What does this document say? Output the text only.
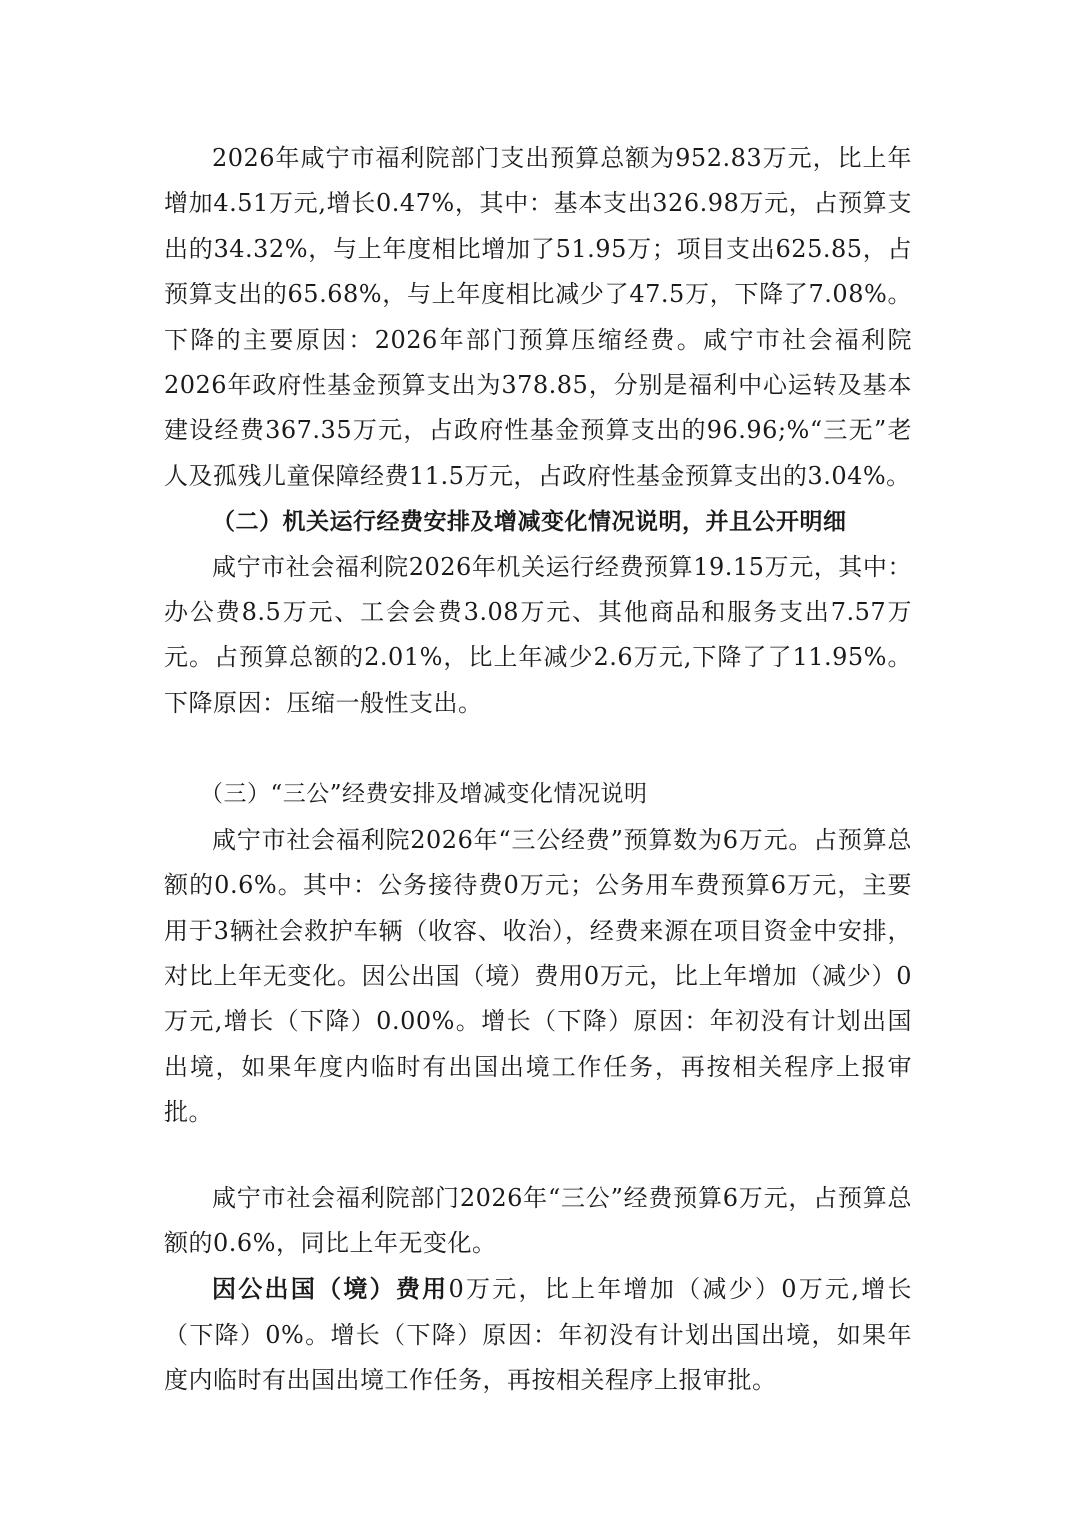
2026年咸宁市福利院部门支出预算总额为952.83万元，比上年增加4.51万元,增长0.47%，其中：基本支出326.98万元，占预算支出的34.32%，与上年度相比增加了51.95万；项目支出625.85，占预算支出的65.68%，与上年度相比减少了47.5万，下降了7.08%。下降的主要原因：2026年部门预算压缩经费。咸宁市社会福利院2026年政府性基金预算支出为378.85，分别是福利中心运转及基本建设经费367.35万元，占政府性基金预算支出的96.96;%“三无”老人及孤残儿童保障经费11.5万元，占政府性基金预算支出的3.04%。

（二）机关运行经费安排及增减变化情况说明，并且公开明细

咸宁市社会福利院2026年机关运行经费预算19.15万元，其中：办公费8.5万元、工会会费3.08万元、其他商品和服务支出7.57万元。占预算总额的2.01%，比上年减少2.6万元,下降了了11.95%。下降原因：压缩一般性支出。

（三）“三公”经费安排及增减变化情况说明

咸宁市社会福利院2026年“三公经费”预算数为6万元。占预算总额的0.6%。其中：公务接待费0万元；公务用车费预算6万元，主要用于3辆社会救护车辆（收容、收治），经费来源在项目资金中安排，对比上年无变化。因公出国（境）费用0万元，比上年增加（减少）0万元,增长（下降）0.00%。增长（下降）原因：年初没有计划出国出境，如果年度内临时有出国出境工作任务，再按相关程序上报审批。

咸宁市社会福利院部门2026年“三公”经费预算6万元，占预算总额的0.6%，同比上年无变化。

因公出国（境）费用0万元，比上年增加（减少）0万元,增长（下降）0%。增长（下降）原因：年初没有计划出国出境，如果年度内临时有出国出境工作任务，再按相关程序上报审批。
